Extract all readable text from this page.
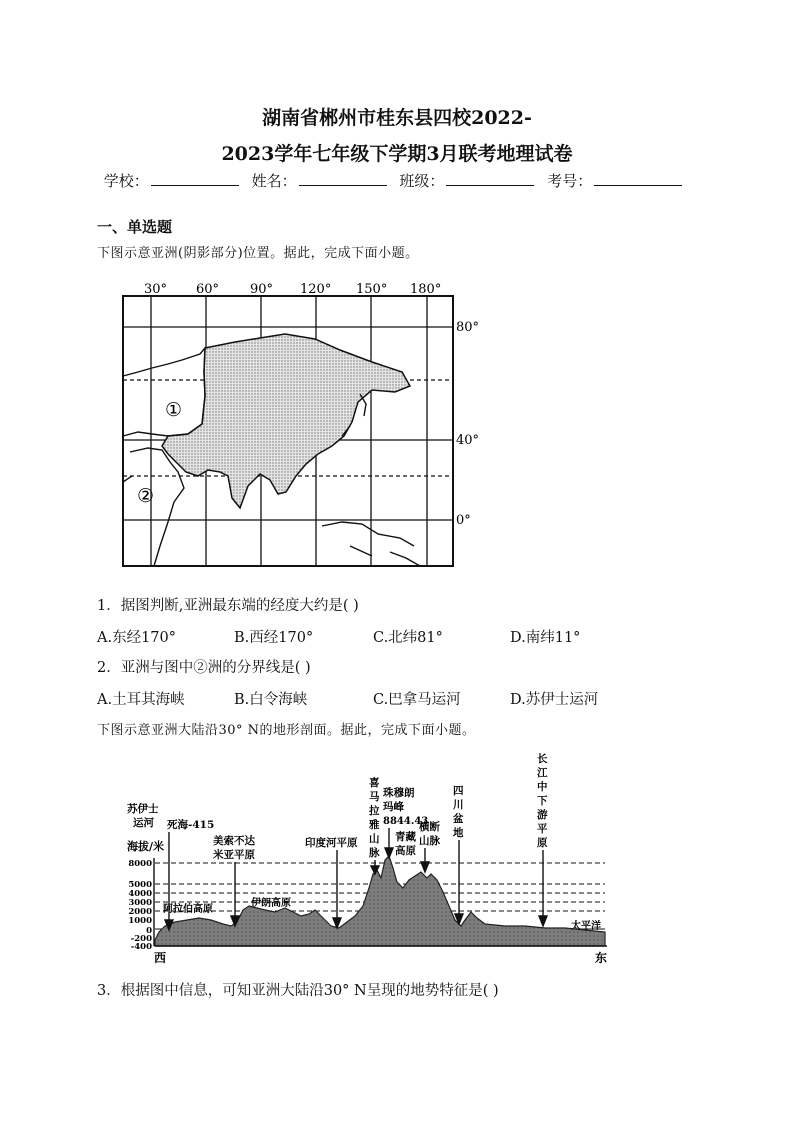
湖南省郴州市桂东县四校2022-
2023学年七年级下学期3月联考地理试卷
学校：	姓名：	班级：	考号：
一、单选题
下图示意亚洲(阴影部分)位置。据此，完成下面小题。
30° 60° 90° 120° 150° 180°
80°
40°
0°
①
②
1．据图判断,亚洲最东端的经度大约是( )
A.东经170°	B.西经170°	C.北纬81°	D.南纬11°
2．亚洲与图中②洲的分界线是( )
A.土耳其海峡	B.白令海峡	C.巴拿马运河	D.苏伊士运河
下图示意亚洲大陆沿30° N的地形剖面。据此，完成下面小题。
8000
5000
4000
3000
2000
1000
0
-200
-400
海拔/米
西	东
苏伊士
运河 死海-415
阿拉伯高原
美索不达
米亚平原
伊朗高原
印度河平原
喜
马
拉
雅
山
脉
珠穆朗
玛峰
8844.43
青藏
高原
横断
山脉
四
川
盆
地
长
江
中
下
游
平
原
太平洋
3．根据图中信息，可知亚洲大陆沿30° N呈现的地势特征是( )
